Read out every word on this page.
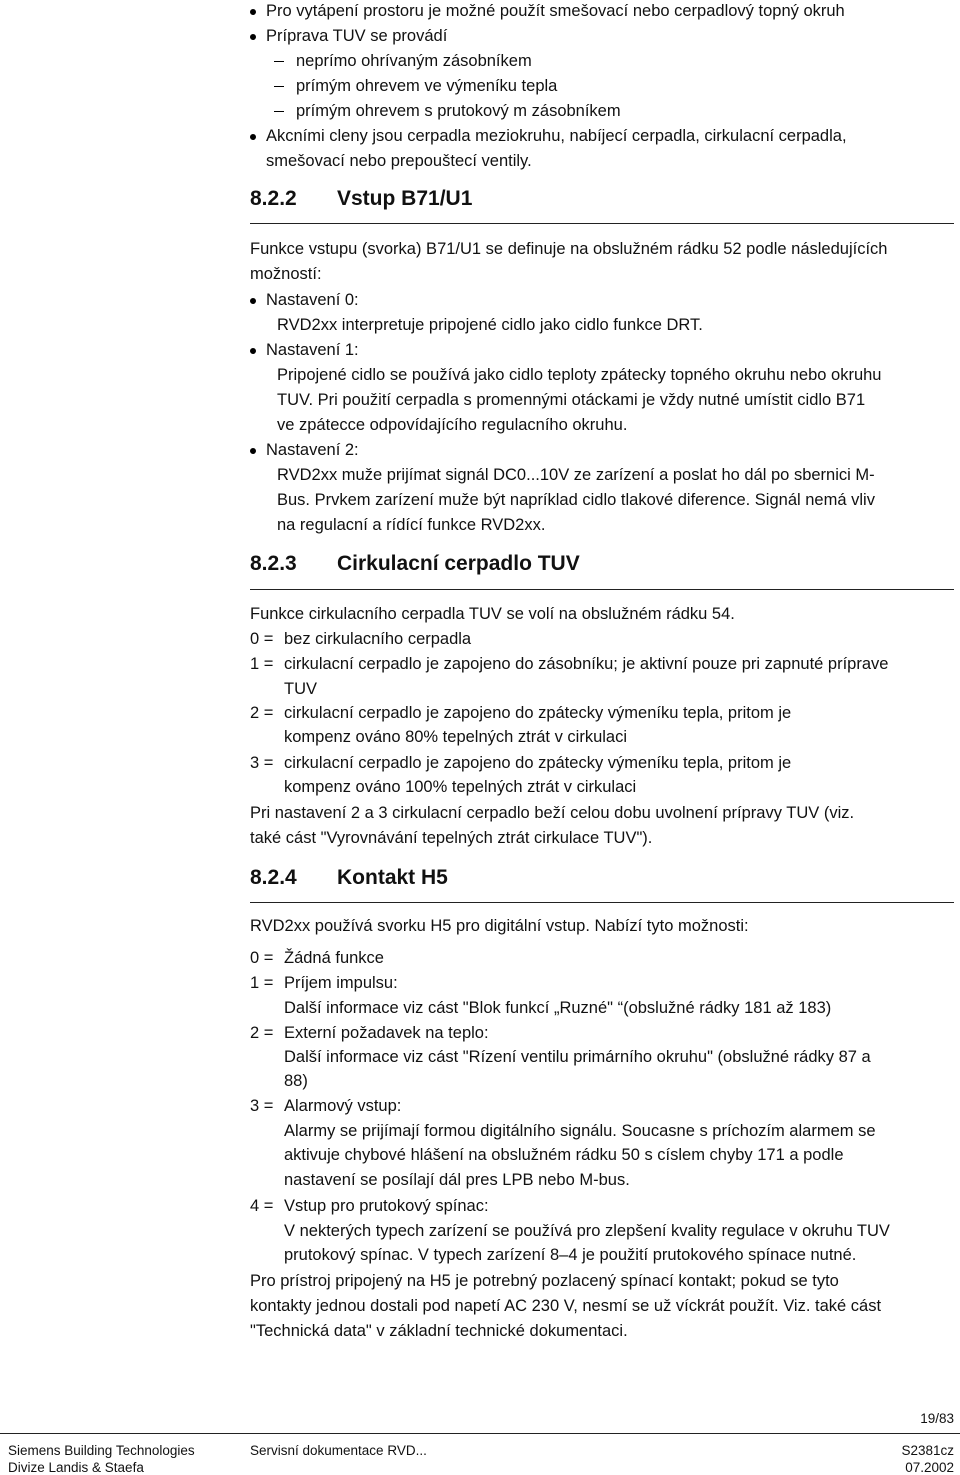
Pro vytápení prostoru je možné použít smešovací nebo cerpadlový topný okruh
Príprava TUV se provádí
neprímo ohrívaným zásobníkem
prímým ohrevem ve výmeníku tepla
prímým ohrevem s prutokový m zásobníkem
Akcními cleny jsou cerpadla meziokruhu, nabíjecí cerpadla, cirkulacní cerpadla,
smešovací nebo prepouštecí ventily.
8.2.2 Vstup B71/U1
Funkce vstupu (svorka) B71/U1 se definuje na obslužném rádku 52 podle následujících
možností:
Nastavení 0:
RVD2xx interpretuje pripojené cidlo jako cidlo funkce DRT.
Nastavení 1:
Pripojené cidlo se používá jako cidlo teploty zpátecky topného okruhu nebo okruhu
TUV. Pri použití cerpadla s promennými otáckami je vždy nutné umístit cidlo B71
ve zpátecce odpovídajícího regulacního okruhu.
Nastavení 2:
RVD2xx muže prijímat signál DC0...10V ze zarízení a poslat ho dál po sbernici M-
Bus. Prvkem zarízení muže být napríklad cidlo tlakové diference. Signál nemá vliv
na regulacní a rídící funkce RVD2xx.
8.2.3 Cirkulacní cerpadlo TUV
Funkce cirkulacního cerpadla TUV se volí na obslužném rádku 54.
0 = bez cirkulacního cerpadla
1 = cirkulacní cerpadlo je zapojeno do zásobníku; je aktivní pouze pri zapnuté príprave
TUV
2 = cirkulacní cerpadlo je zapojeno do zpátecky výmeníku tepla, pritom je
kompenz ováno 80% tepelných ztrát v cirkulaci
3 = cirkulacní cerpadlo je zapojeno do zpátecky výmeníku tepla, pritom je
kompenz ováno 100% tepelných ztrát v cirkulaci
Pri nastavení 2 a 3 cirkulacní cerpadlo beží celou dobu uvolnení prípravy TUV (viz.
také cást "Vyrovnávání tepelných ztrát cirkulace TUV").
8.2.4 Kontakt H5
RVD2xx používá svorku H5 pro digitální vstup. Nabízí tyto možnosti:
0 = Žádná funkce
1 = Príjem impulsu:
Další informace viz cást "Blok funkcí „Ruzné" “(obslužné rádky 181 až 183)
2 = Externí požadavek na teplo:
Další informace viz cást "Rízení ventilu primárního okruhu" (obslužné rádky 87 a
88)
3 = Alarmový vstup:
Alarmy se prijímají formou digitálního signálu. Soucasne s príchozím alarmem se
aktivuje chybové hlášení na obslužném rádku 50 s císlem chyby 171 a podle
nastavení se posílají dál pres LPB nebo M-bus.
4 = Vstup pro prutokový spínac:
V nekterých typech zarízení se používá pro zlepšení kvality regulace v okruhu TUV
prutokový spínac. V typech zarízení 8–4 je použití prutokového spínace nutné.
Pro prístroj pripojený na H5 je potrebný pozlacený spínací kontakt; pokud se tyto
kontakty jednou dostali pod napetí AC 230 V, nesmí se už víckrát použít. Viz. také cást
"Technická data" v základní technické dokumentaci.
19/83
Siemens Building Technologies
Divize Landis & Staefa
Servisní dokumentace RVD...	S2381cz
07.2002
